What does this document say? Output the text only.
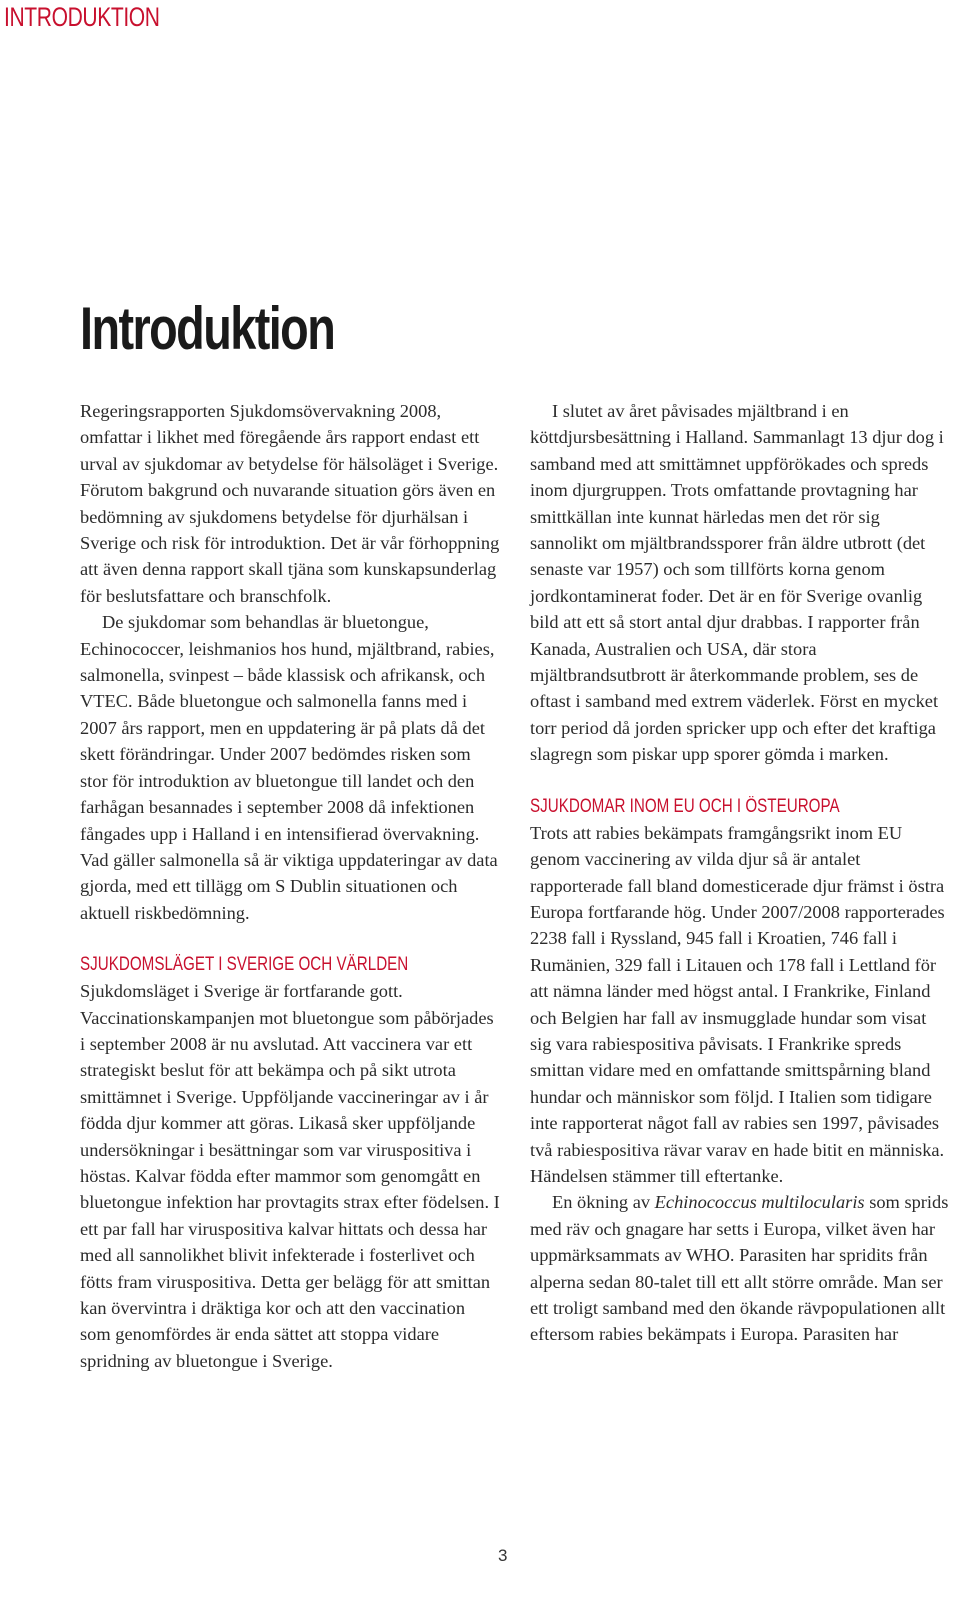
INTRODUKTION
Introduktion

Regeringsrapporten Sjukdomsövervakning 2008, omfattar i likhet med föregående års rapport endast ett urval av sjukdomar av betydelse för hälsoläget i Sverige. Förutom bakgrund och nuvarande situation görs även en bedömning av sjukdomens betydelse för djurhälsan i Sverige och risk för introduktion. Det är vår förhoppning att även denna rapport skall tjäna som kunskapsunderlag för beslutsfattare och branschfolk.

De sjukdomar som behandlas är bluetongue, Echinococcer, leishmanios hos hund, mjältbrand, rabies, salmonella, svinpest – både klassisk och afrikansk, och VTEC. Både bluetongue och salmonella fanns med i 2007 års rapport, men en uppdatering är på plats då det skett förändringar. Under 2007 bedömdes risken som stor för introduktion av bluetongue till landet och den farhågan besannades i september 2008 då infektionen fångades upp i Halland i en intensifierad övervakning. Vad gäller salmonella så är viktiga uppdateringar av data gjorda, med ett tillägg om S Dublin situationen och aktuell riskbedömning.

SJUKDOMSLÄGET I SVERIGE OCH VÄRLDEN

Sjukdomsläget i Sverige är fortfarande gott. Vaccinationskampanjen mot bluetongue som påbörjades i september 2008 är nu avslutad. Att vaccinera var ett strategiskt beslut för att bekämpa och på sikt utrota smittämnet i Sverige. Uppföljande vaccineringar av i år födda djur kommer att göras. Likaså sker uppföljande undersökningar i besättningar som var viruspositiva i höstas. Kalvar födda efter mammor som genomgått en bluetongue infektion har provtagits strax efter födelsen. I ett par fall har viruspositiva kalvar hittats och dessa har med all sannolikhet blivit infekterade i fosterlivet och fötts fram viruspositiva. Detta ger belägg för att smittan kan övervintra i dräktiga kor och att den vaccination som genomfördes är enda sättet att stoppa vidare spridning av bluetongue i Sverige.

I slutet av året påvisades mjältbrand i en köttdjursbesättning i Halland. Sammanlagt 13 djur dog i samband med att smittämnet uppförökades och spreds inom djurgruppen. Trots omfattande provtagning har smittkällan inte kunnat härledas men det rör sig sannolikt om mjältbrandssporer från äldre utbrott (det senaste var 1957) och som tillförts korna genom jordkontaminerat foder. Det är en för Sverige ovanlig bild att ett så stort antal djur drabbas. I rapporter från Kanada, Australien och USA, där stora mjältbrandsutbrott är återkommande problem, ses de oftast i samband med extrem väderlek. Först en mycket torr period då jorden spricker upp och efter det kraftiga slagregn som piskar upp sporer gömda i marken.

SJUKDOMAR INOM EU OCH I ÖSTEUROPA

Trots att rabies bekämpats framgångsrikt inom EU genom vaccinering av vilda djur så är antalet rapporterade fall bland domesticerade djur främst i östra Europa fortfarande hög. Under 2007/2008 rapporterades 2238 fall i Ryssland, 945 fall i Kroatien, 746 fall i Rumänien, 329 fall i Litauen och 178 fall i Lettland för att nämna länder med högst antal. I Frankrike, Finland och Belgien har fall av insmugglade hundar som visat sig vara rabiespositiva påvisats. I Frankrike spreds smittan vidare med en omfattande smittspårning bland hundar och människor som följd. I Italien som tidigare inte rapporterat något fall av rabies sen 1997, påvisades två rabiespositiva rävar varav en hade bitit en människa. Händelsen stämmer till eftertanke.

En ökning av Echinococcus multilocularis som sprids med räv och gnagare har setts i Europa, vilket även har uppmärksammats av WHO. Parasiten har spridits från alperna sedan 80-talet till ett allt större område. Man ser ett troligt samband med den ökande rävpopulationen allt eftersom rabies bekämpats i Europa. Parasiten har

3
